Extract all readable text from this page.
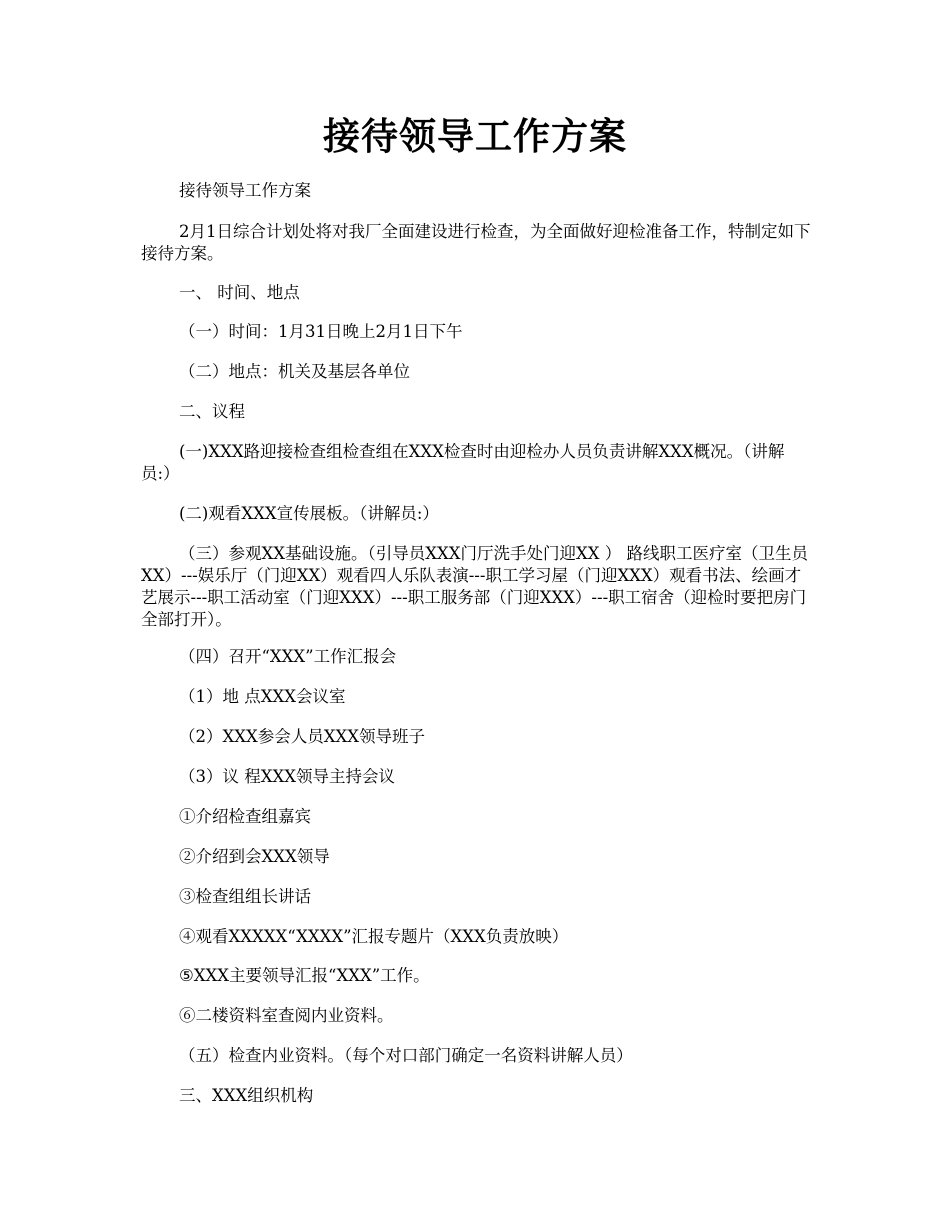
接待领导工作方案
接待领导工作方案
2月1日综合计划处将对我厂全面建设进行检查，为全面做好迎检准备工作，特制定如下接待方案。
一、 时间、地点
（一）时间：1月31日晚上2月1日下午
（二）地点：机关及基层各单位
二、议程
(一)XXX路迎接检查组检查组在XXX检查时由迎检办人员负责讲解XXX概况。（讲解员:）
(二)观看XXX宣传展板。（讲解员:）
（三）参观XX基础设施。（引导员XXX门厅洗手处门迎XX ） 路线职工医疗室（卫生员XX）---娱乐厅（门迎XX）观看四人乐队表演---职工学习屋（门迎XXX）观看书法、绘画才艺展示---职工活动室（门迎XXX）---职工服务部（门迎XXX）---职工宿舍（迎检时要把房门全部打开）。
（四）召开“XXX”工作汇报会
（1）地 点XXX会议室
（2）XXX参会人员XXX领导班子
（3）议 程XXX领导主持会议
①介绍检查组嘉宾
②介绍到会XXX领导
③检查组组长讲话
④观看XXXXX“XXXX”汇报专题片（XXX负责放映）
⑤XXX主要领导汇报“XXX”工作。
⑥二楼资料室查阅内业资料。
（五）检查内业资料。（每个对口部门确定一名资料讲解人员）
三、XXX组织机构
